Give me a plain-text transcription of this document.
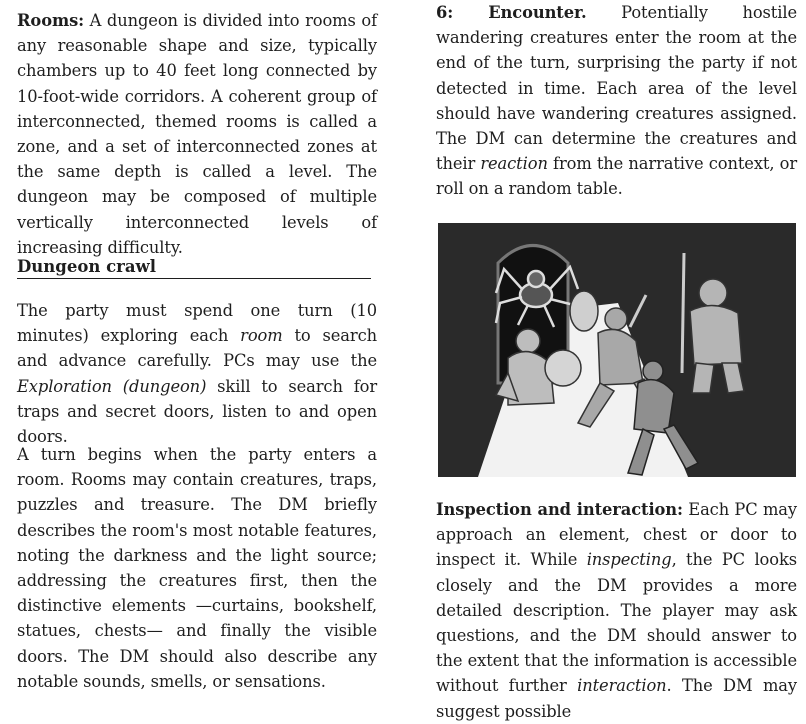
Rooms: A dungeon is divided into rooms of any reasonable shape and size, typically chambers up to 40 feet long connected by 10-foot-wide corridors. A coherent group of interconnected, themed rooms is called a zone, and a set of interconnected zones at the same depth is called a level. The dungeon may be composed of multiple vertically interconnected levels of increasing difficulty.

Dungeon crawl

The party must spend one turn (10 minutes) exploring each room to search and advance carefully. PCs may use the Exploration (dungeon) skill to search for traps and secret doors, listen to and open doors.

A turn begins when the party enters a room. Rooms may contain creatures, traps, puzzles and treasure. The DM briefly describes the room's most notable features, noting the darkness and the light source; addressing the creatures first, then the distinctive elements —curtains, bookshelf, statues, chests— and finally the visible doors. The DM should also describe any notable sounds, smells, or sensations.

6: Encounter. Potentially hostile wandering creatures enter the room at the end of the turn, surprising the party if not detected in time. Each area of the level should have wandering creatures assigned. The DM can determine the creatures and their reaction from the narrative context, or roll on a random table.

Inspection and interaction: Each PC may approach an element, chest or door to inspect it. While inspecting, the PC looks closely and the DM provides a more detailed description. The player may ask questions, and the DM should answer to the extent that the information is accessible without further interaction. The DM may suggest possible
